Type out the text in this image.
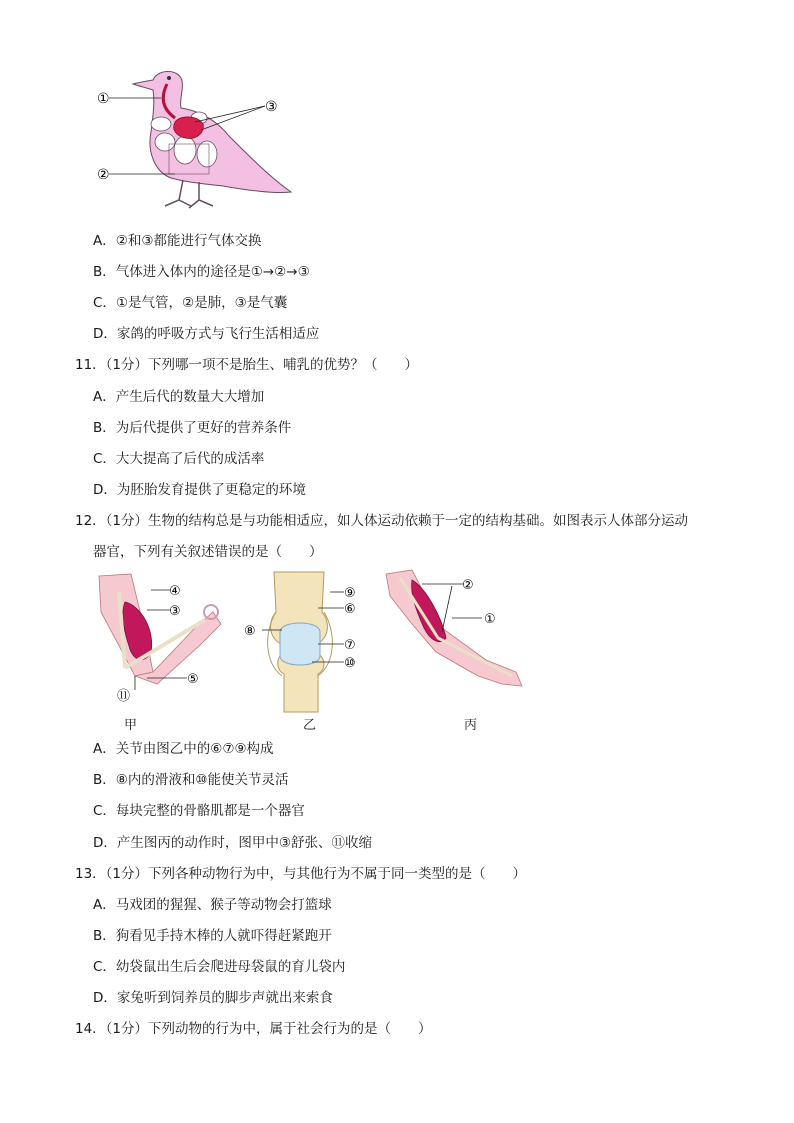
①
②
③
A．②和③都能进行气体交换
B．气体进入体内的途径是①→②→③
C．①是气管，②是肺，③是气囊
D．家鸽的呼吸方式与飞行生活相适应
11．（1分）下列哪一项不是胎生、哺乳的优势？（　　）
A．产生后代的数量大大增加
B．为后代提供了更好的营养条件
C．大大提高了后代的成活率
D．为胚胎发育提供了更稳定的环境
12．（1分）生物的结构总是与功能相适应，如人体运动依赖于一定的结构基础。如图表示人体部分运动
器官，下列有关叙述错误的是（　　）
④
③
⑪
⑤
⑨
⑥
⑧
⑦
⑩
②
①
甲	乙	丙
A．关节由图乙中的⑥⑦⑨构成
B．⑧内的滑液和⑩能使关节灵活
C．每块完整的骨骼肌都是一个器官
D．产生图丙的动作时，图甲中③舒张、⑪收缩
13．（1分）下列各种动物行为中，与其他行为不属于同一类型的是（　　）
A．马戏团的猩猩、猴子等动物会打篮球
B．狗看见手持木棒的人就吓得赶紧跑开
C．幼袋鼠出生后会爬进母袋鼠的育儿袋内
D．家兔听到饲养员的脚步声就出来索食
14．（1分）下列动物的行为中，属于社会行为的是（　　）
